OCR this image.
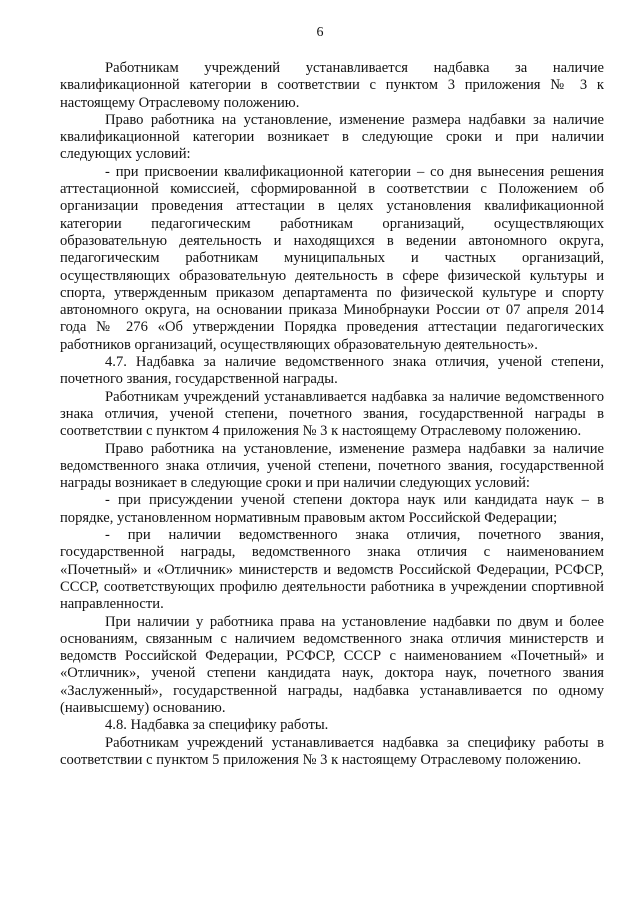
6

Работникам учреждений устанавливается надбавка за наличие квалификационной категории в соответствии с пунктом 3 приложения № 3 к настоящему Отраслевому положению.

Право работника на установление, изменение размера надбавки за наличие квалификационной категории возникает в следующие сроки и при наличии следующих условий:

- при присвоении квалификационной категории – со дня вынесения решения аттестационной комиссией, сформированной в соответствии с Положением об организации проведения аттестации в целях установления квалификационной категории педагогическим работникам организаций, осуществляющих образовательную деятельность и находящихся в ведении автономного округа, педагогическим работникам муниципальных и частных организаций, осуществляющих образовательную деятельность в сфере физической культуры и спорта, утвержденным приказом департамента по физической культуре и спорту автономного округа, на основании приказа Минобрнауки России от 07 апреля 2014 года № 276 «Об утверждении Порядка проведения аттестации педагогических работников организаций, осуществляющих образовательную деятельность».

4.7. Надбавка за наличие ведомственного знака отличия, ученой степени, почетного звания, государственной награды.

Работникам учреждений устанавливается надбавка за наличие ведомственного знака отличия, ученой степени, почетного звания, государственной награды в соответствии с пунктом 4 приложения № 3 к настоящему Отраслевому положению.

Право работника на установление, изменение размера надбавки за наличие ведомственного знака отличия, ученой степени, почетного звания, государственной награды возникает в следующие сроки и при наличии следующих условий:

- при присуждении ученой степени доктора наук или кандидата наук – в порядке, установленном нормативным правовым актом Российской Федерации;

- при наличии ведомственного знака отличия, почетного звания, государственной награды, ведомственного знака отличия с наименованием «Почетный» и «Отличник» министерств и ведомств Российской Федерации, РСФСР, СССР, соответствующих профилю деятельности работника в учреждении спортивной направленности.

При наличии у работника права на установление надбавки по двум и более основаниям, связанным с наличием ведомственного знака отличия министерств и ведомств Российской Федерации, РСФСР, СССР с наименованием «Почетный» и «Отличник», ученой степени кандидата наук, доктора наук, почетного звания «Заслуженный», государственной награды, надбавка устанавливается по одному (наивысшему) основанию.

4.8. Надбавка за специфику работы.

Работникам учреждений устанавливается надбавка за специфику работы в соответствии с пунктом 5 приложения № 3 к настоящему Отраслевому положению.
